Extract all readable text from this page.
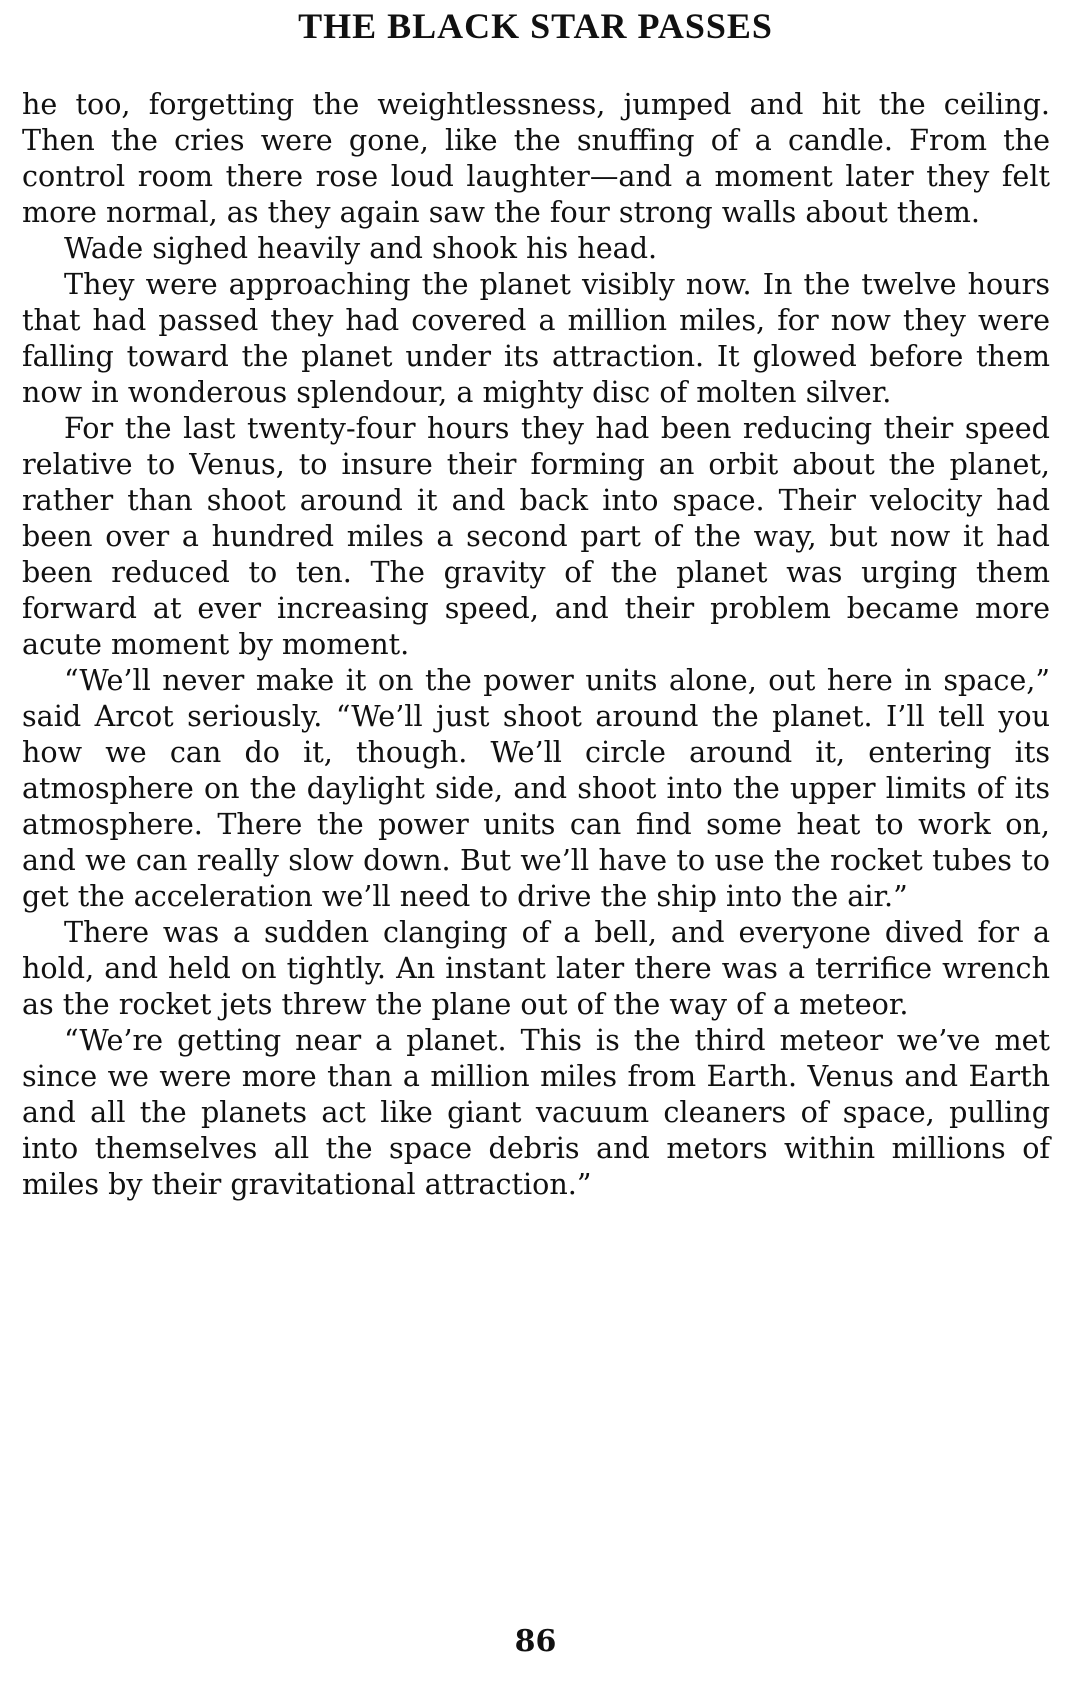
THE BLACK STAR PASSES

he too, forgetting the weightlessness, jumped and hit the ceiling. Then the cries were gone, like the snuffing of a candle. From the control room there rose loud laughter—and a moment later they felt more normal, as they again saw the four strong walls about them.

Wade sighed heavily and shook his head.

They were approaching the planet visibly now. In the twelve hours that had passed they had covered a million miles, for now they were falling toward the planet under its attraction. It glowed before them now in wonderous splendour, a mighty disc of molten silver.

For the last twenty-four hours they had been reducing their speed relative to Venus, to insure their forming an orbit about the planet, rather than shoot around it and back into space. Their velocity had been over a hundred miles a second part of the way, but now it had been reduced to ten. The gravity of the planet was urging them forward at ever increasing speed, and their problem became more acute moment by moment.

“We’ll never make it on the power units alone, out here in space,” said Arcot seriously. “We’ll just shoot around the planet. I’ll tell you how we can do it, though. We’ll circle around it, entering its atmosphere on the daylight side, and shoot into the upper limits of its atmosphere. There the power units can find some heat to work on, and we can really slow down. But we’ll have to use the rocket tubes to get the acceleration we’ll need to drive the ship into the air.”

There was a sudden clanging of a bell, and everyone dived for a hold, and held on tightly. An instant later there was a terrifice wrench as the rocket jets threw the plane out of the way of a meteor.

“We’re getting near a planet. This is the third meteor we’ve met since we were more than a million miles from Earth. Venus and Earth and all the planets act like giant vacuum cleaners of space, pulling into themselves all the space debris and metors within millions of miles by their gravitational attraction.”

86
